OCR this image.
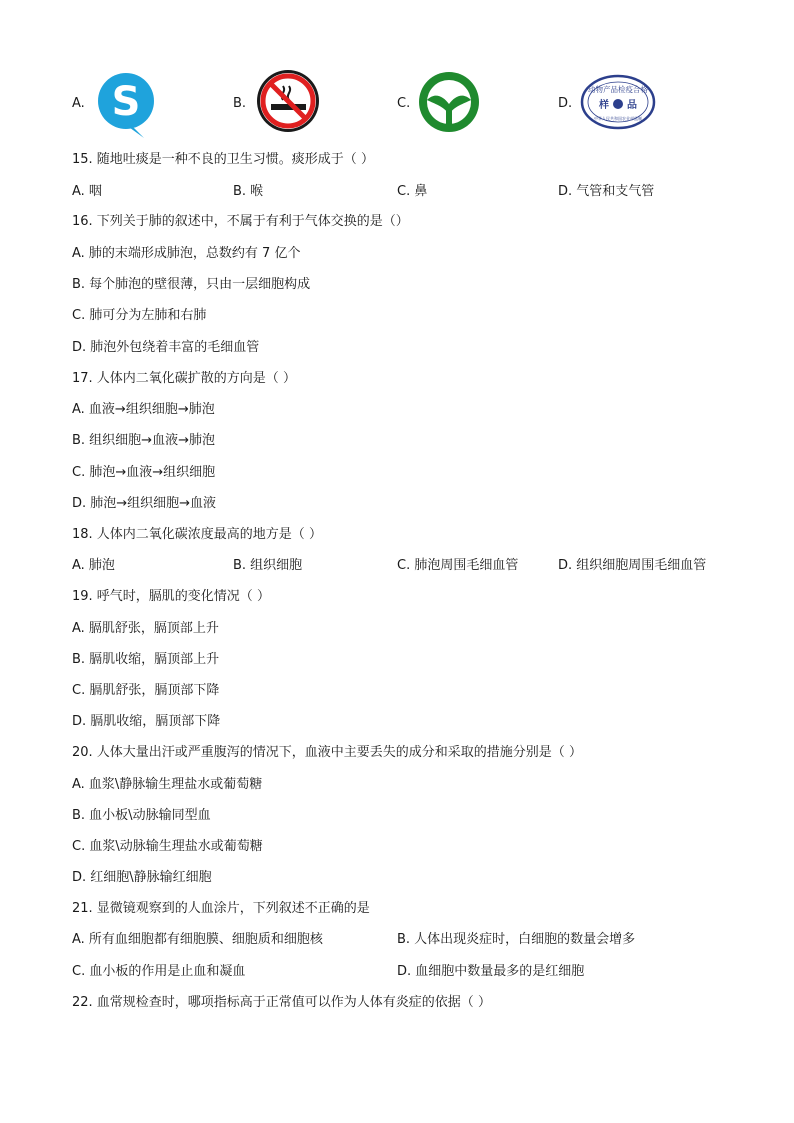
A. S	B.	C.	D.
动物产品检疫合格
样 品
中华人民共和国农业部监制
15. 随地吐痰是一种不良的卫生习惯。痰形成于（ ）
A. 咽	B. 喉	C. 鼻	D. 气管和支气管
16. 下列关于肺的叙述中，不属于有利于气体交换的是（）
A. 肺的末端形成肺泡，总数约有 7 亿个
B. 每个肺泡的壁很薄，只由一层细胞构成
C. 肺可分为左肺和右肺
D. 肺泡外包绕着丰富的毛细血管
17. 人体内二氧化碳扩散的方向是（ ）
A. 血液→组织细胞→肺泡
B. 组织细胞→血液→肺泡
C. 肺泡→血液→组织细胞
D. 肺泡→组织细胞→血液
18. 人体内二氧化碳浓度最高的地方是（ ）
A. 肺泡	B. 组织细胞	C. 肺泡周围毛细血管	D. 组织细胞周围毛细血管
19. 呼气时，膈肌的变化情况（ ）
A. 膈肌舒张，膈顶部上升
B. 膈肌收缩，膈顶部上升
C. 膈肌舒张，膈顶部下降
D. 膈肌收缩，膈顶部下降
20. 人体大量出汗或严重腹泻的情况下，血液中主要丢失的成分和采取的措施分别是（ ）
A. 血浆\静脉输生理盐水或葡萄糖
B. 血小板\动脉输同型血
C. 血浆\动脉输生理盐水或葡萄糖
D. 红细胞\静脉输红细胞
21. 显微镜观察到的人血涂片，下列叙述不正确的是
A. 所有血细胞都有细胞膜、细胞质和细胞核	B. 人体出现炎症时，白细胞的数量会增多
C. 血小板的作用是止血和凝血	D. 血细胞中数量最多的是红细胞
22. 血常规检查时，哪项指标高于正常值可以作为人体有炎症的依据（ ）
